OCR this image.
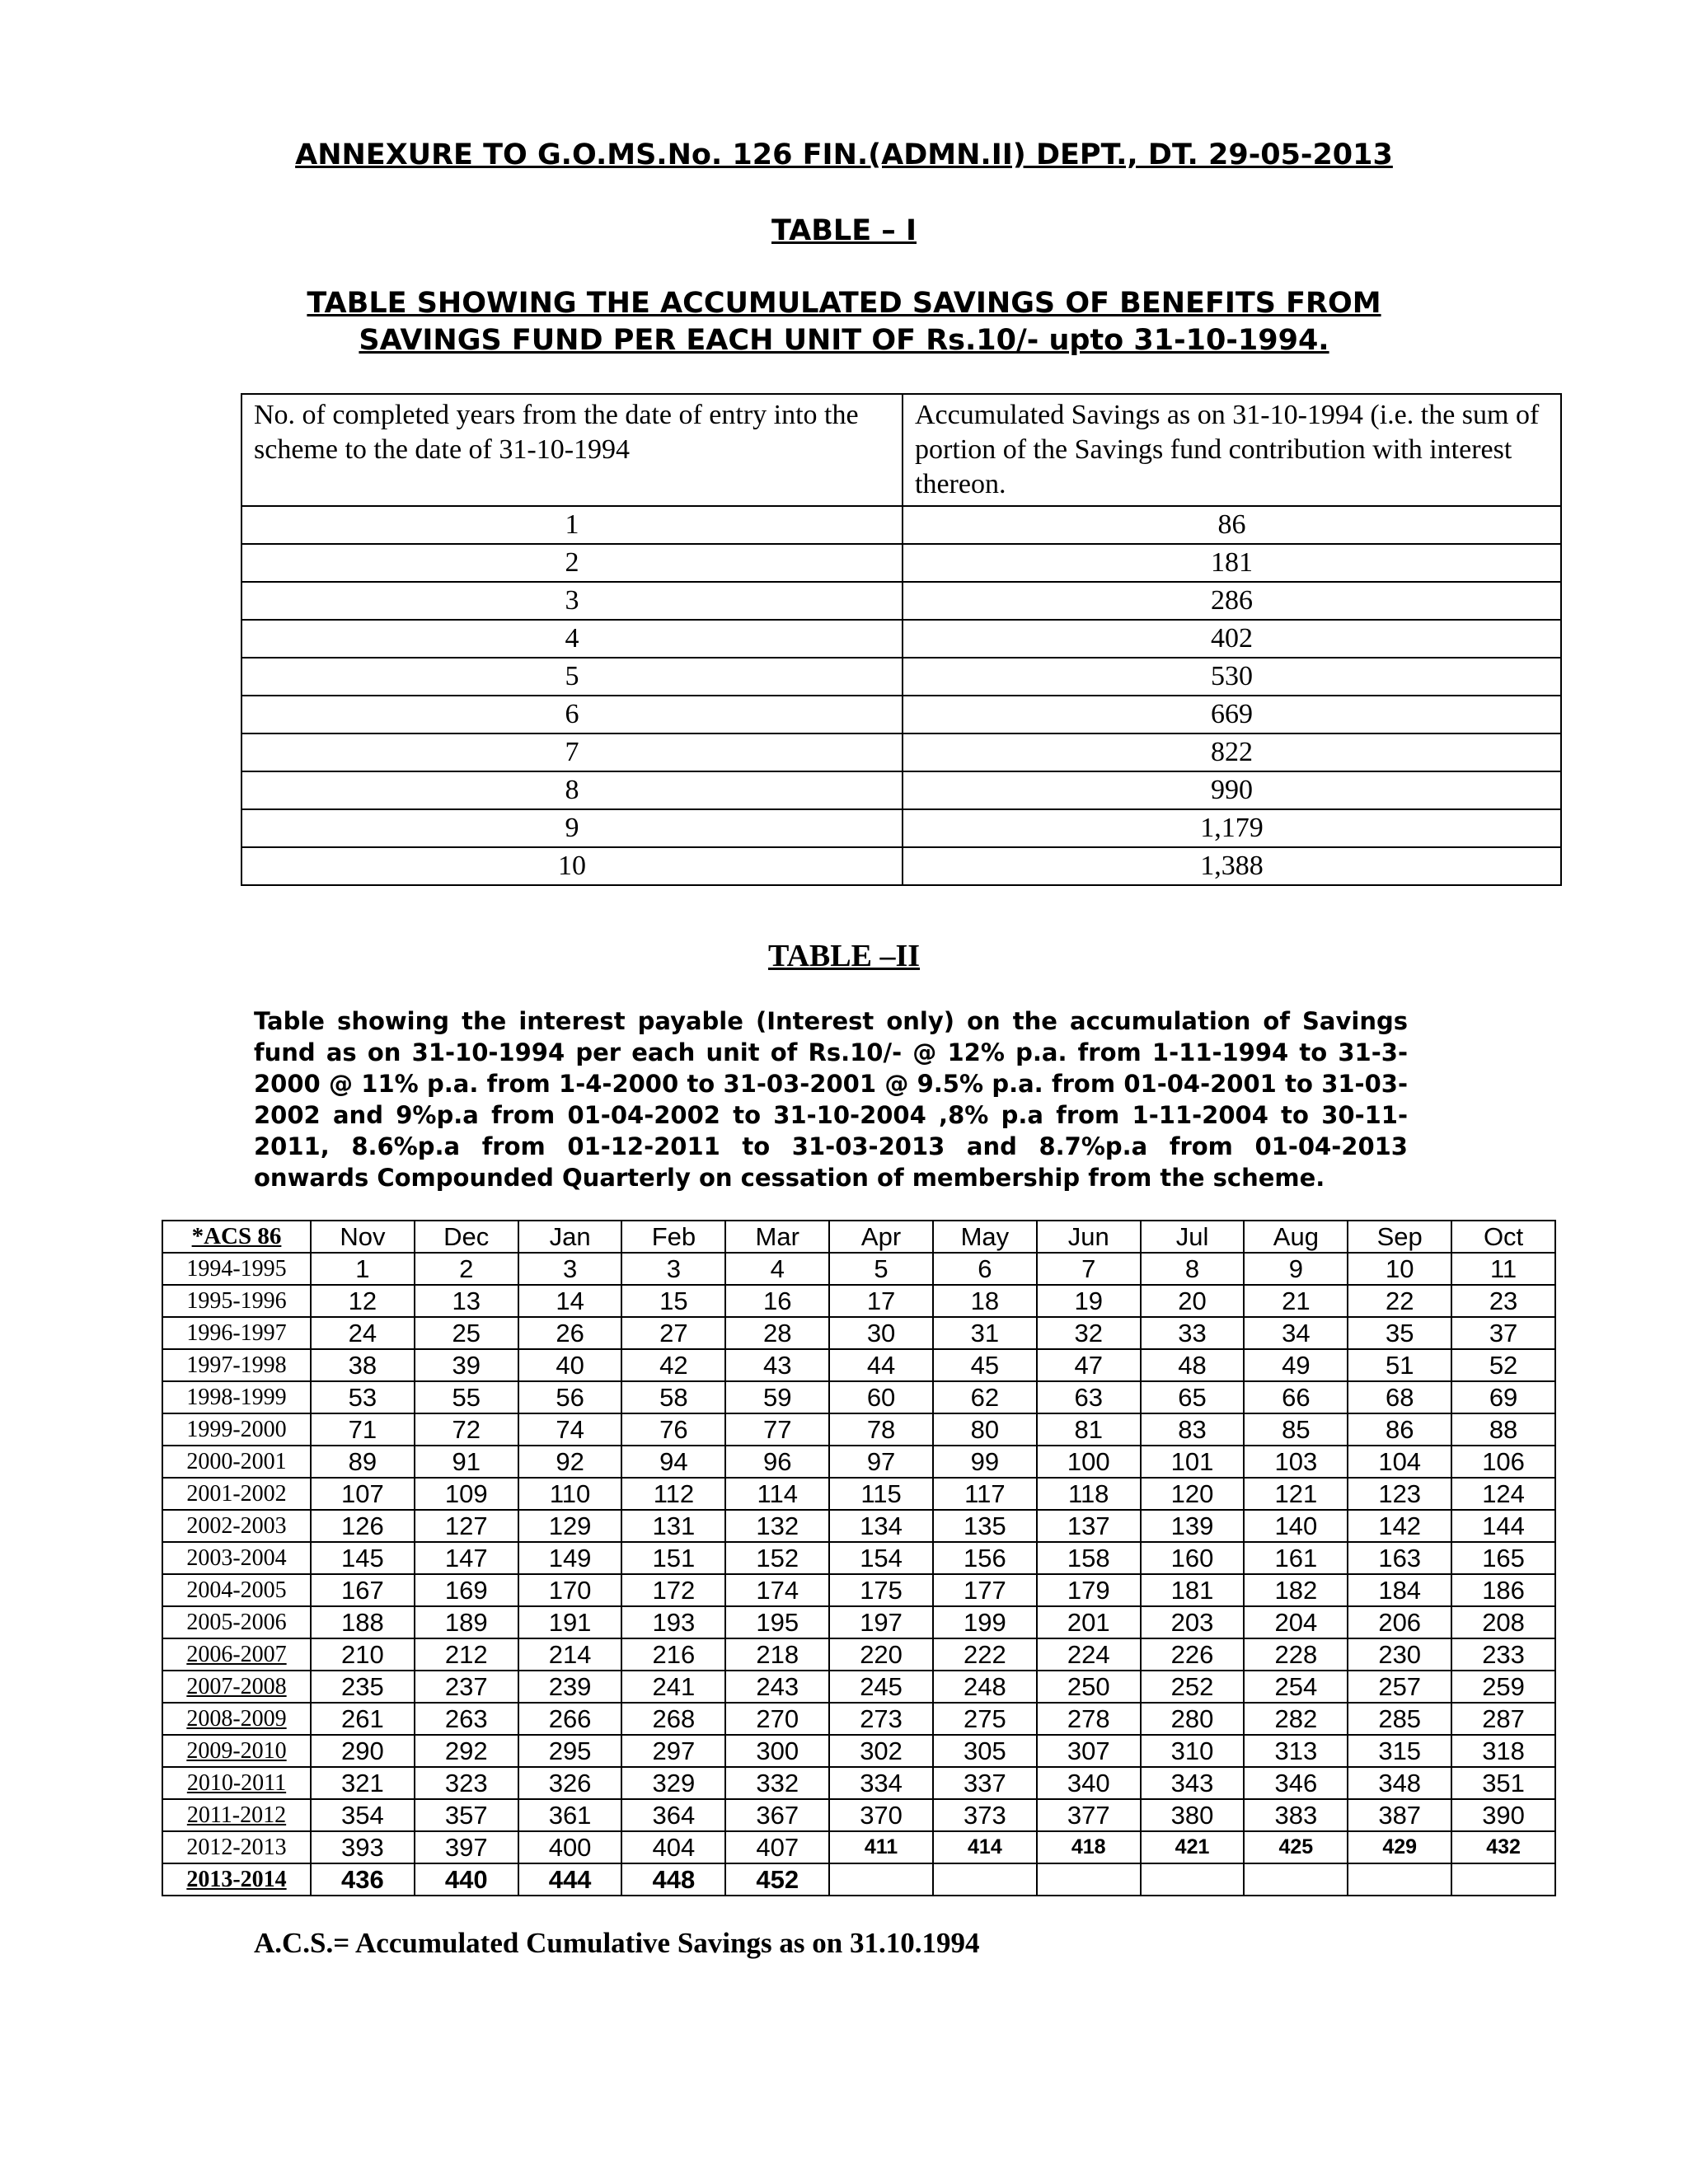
ANNEXURE TO G.O.MS.No. 126 FIN.(ADMN.II) DEPT., DT. 29-05-2013
TABLE – I
TABLE SHOWING THE ACCUMULATED SAVINGS OF BENEFITS FROM
SAVINGS FUND PER EACH UNIT OF Rs.10/- upto 31-10-1994.
No. of completed years from the date of entry into the scheme to the date of 31-10-1994	Accumulated Savings as on 31-10-1994 (i.e. the sum of portion of the Savings fund contribution with interest thereon.
1	86
2	181
3	286
4	402
5	530
6	669
7	822
8	990
9	1,179
10	1,388
TABLE –II

Table showing the interest payable (Interest only) on the accumulation of Savings fund as on 31-10-1994 per each unit of Rs.10/- @ 12% p.a. from 1-11-1994 to 31-3-2000 @ 11% p.a. from 1-4-2000 to 31-03-2001 @ 9.5% p.a. from 01-04-2001 to 31-03-2002 and 9%p.a from 01-04-2002 to 31-10-2004 ,8% p.a from 1-11-2004 to 30-11-2011, 8.6%p.a from 01-12-2011 to 31-03-2013 and 8.7%p.a from 01-04-2013 onwards Compounded Quarterly on cessation of membership from the scheme.

*ACS 86	Nov	Dec	Jan	Feb	Mar	Apr	May	Jun	Jul	Aug	Sep	Oct
1994-1995	1	2	3	3	4	5	6	7	8	9	10	11
1995-1996	12	13	14	15	16	17	18	19	20	21	22	23
1996-1997	24	25	26	27	28	30	31	32	33	34	35	37
1997-1998	38	39	40	42	43	44	45	47	48	49	51	52
1998-1999	53	55	56	58	59	60	62	63	65	66	68	69
1999-2000	71	72	74	76	77	78	80	81	83	85	86	88
2000-2001	89	91	92	94	96	97	99	100	101	103	104	106
2001-2002	107	109	110	112	114	115	117	118	120	121	123	124
2002-2003	126	127	129	131	132	134	135	137	139	140	142	144
2003-2004	145	147	149	151	152	154	156	158	160	161	163	165
2004-2005	167	169	170	172	174	175	177	179	181	182	184	186
2005-2006	188	189	191	193	195	197	199	201	203	204	206	208
2006-2007	210	212	214	216	218	220	222	224	226	228	230	233
2007-2008	235	237	239	241	243	245	248	250	252	254	257	259
2008-2009	261	263	266	268	270	273	275	278	280	282	285	287
2009-2010	290	292	295	297	300	302	305	307	310	313	315	318
2010-2011	321	323	326	329	332	334	337	340	343	346	348	351
2011-2012	354	357	361	364	367	370	373	377	380	383	387	390
2012-2013	393	397	400	404	407	411	414	418	421	425	429	432
2013-2014	436	440	444	448	452							

A.C.S.= Accumulated Cumulative Savings as on 31.10.1994
